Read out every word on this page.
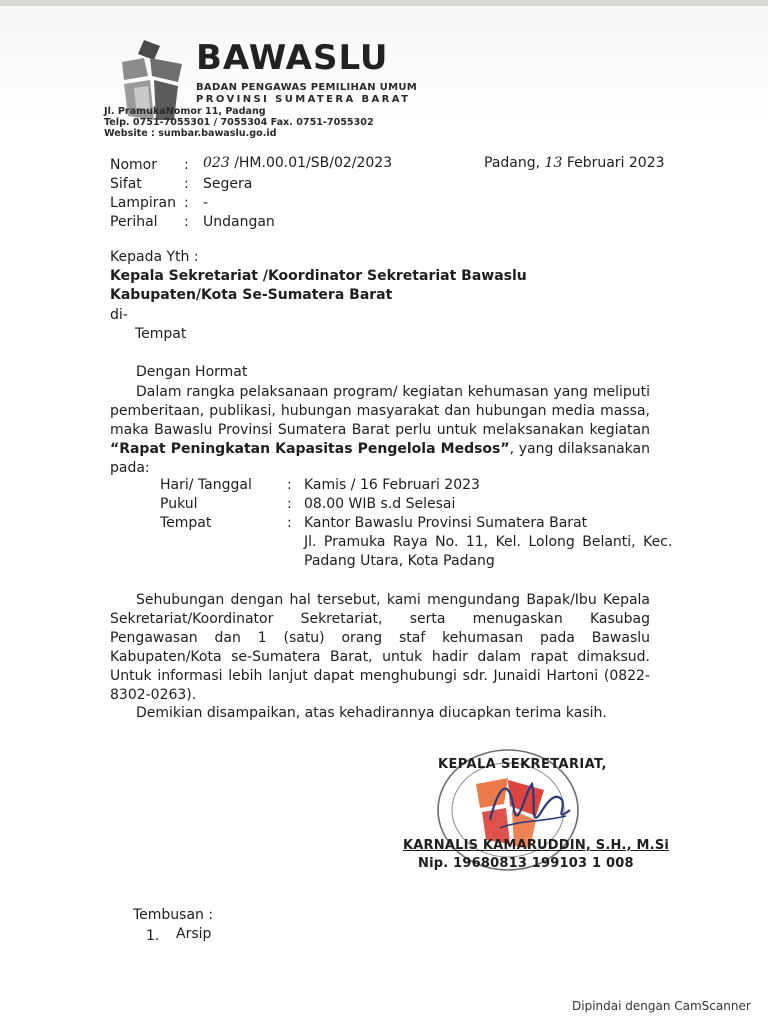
BAWASLU
BADAN PENGAWAS PEMILIHAN UMUM
PROVINSI SUMATERA BARAT
Jl. PramukaNomor 11, Padang
Telp. 0751-7055301 / 7055304 Fax. 0751-7055302
Website : sumbar.bawaslu.go.id
Nomor : 023 /HM.00.01/SB/02/2023
Sifat	: Segera
Lampiran : -
Perihal : Undangan
Padang, 13 Februari 2023
Kepada Yth :
Kepala Sekretariat /Koordinator Sekretariat Bawaslu
Kabupaten/Kota Se-Sumatera Barat
di-
Tempat
Dengan Hormat
Dalam rangka pelaksanaan program/ kegiatan kehumasan yang meliputi pemberitaan, publikasi, hubungan masyarakat dan hubungan media massa, maka Bawaslu Provinsi Sumatera Barat perlu untuk melaksanakan kegiatan “Rapat Peningkatan Kapasitas Pengelola Medsos”, yang dilaksanakan pada:
Hari/ Tanggal	: Kamis / 16 Februari 2023
Pukul	: 08.00 WIB s.d Selesai
Tempat	: Kantor Bawaslu Provinsi Sumatera Barat
Jl. Pramuka Raya No. 11, Kel. Lolong Belanti, Kec.
Padang Utara, Kota Padang
Sehubungan dengan hal tersebut, kami mengundang Bapak/Ibu Kepala Sekretariat/Koordinator Sekretariat, serta menugaskan Kasubag Pengawasan dan 1 (satu) orang staf kehumasan pada Bawaslu Kabupaten/Kota se-Sumatera Barat, untuk hadir dalam rapat dimaksud. Untuk informasi lebih lanjut dapat menghubungi sdr. Junaidi Hartoni (0822-8302-0263).
Demikian disampaikan, atas kehadirannya diucapkan terima kasih.
KEPALA SEKRETARIAT,
KARNALIS KAMARUDDIN, S.H., M.Si
Nip. 19680813 199103 1 008
Tembusan :
1. Arsip
Dipindai dengan CamScanner
